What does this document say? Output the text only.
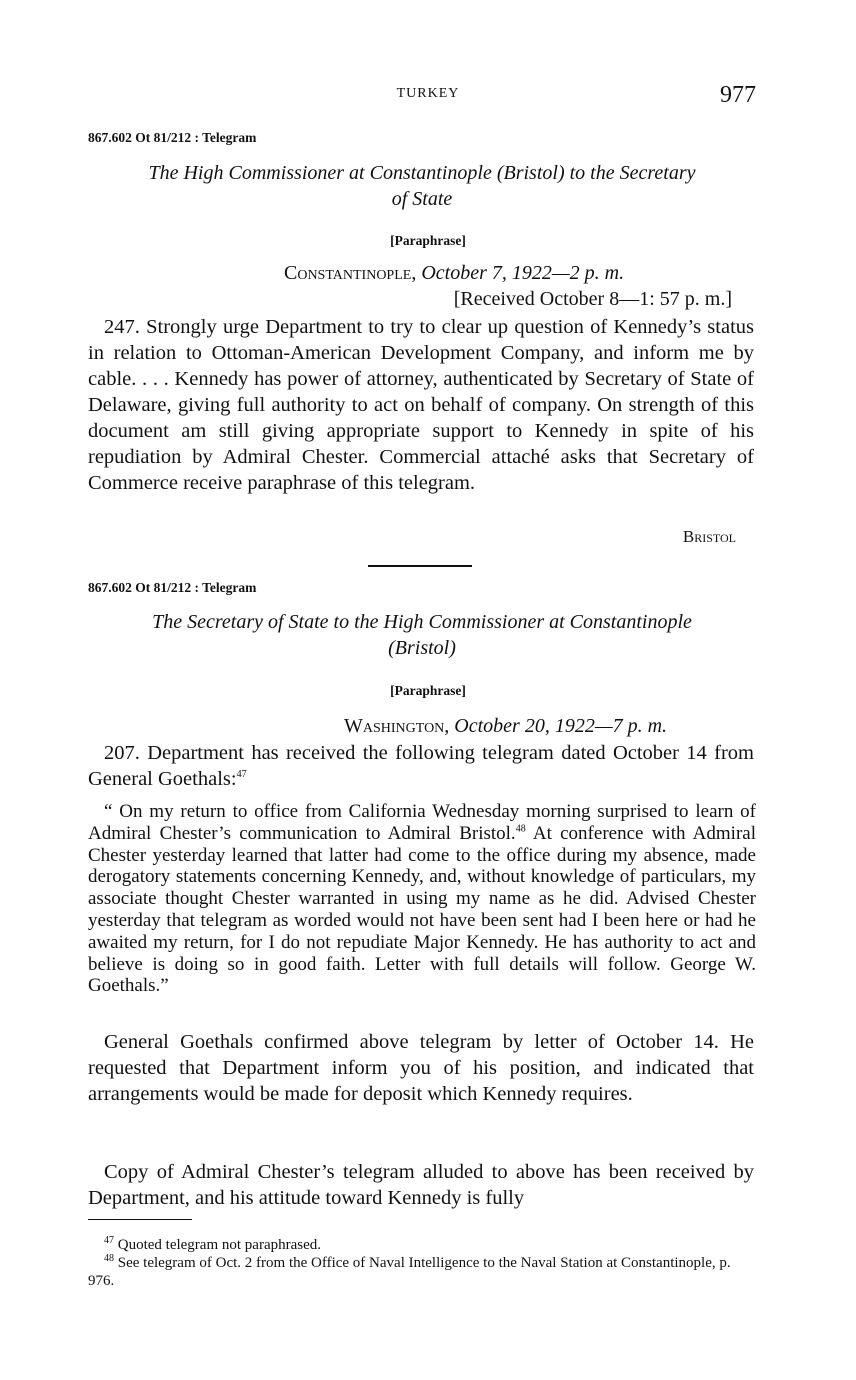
TURKEY	977
867.602 Ot 81/212 : Telegram
The High Commissioner at Constantinople (Bristol) to the Secretary
of State
[Paraphrase]
Constantinople, October 7, 1922—2 p. m.
[Received October 8—1: 57 p. m.]
247. Strongly urge Department to try to clear up question of Kennedy’s status in relation to Ottoman-American Development Company, and inform me by cable. . . . Kennedy has power of attorney, authenticated by Secretary of State of Delaware, giving full authority to act on behalf of company. On strength of this document am still giving appropriate support to Kennedy in spite of his repudiation by Admiral Chester. Commercial attaché asks that Secretary of Commerce receive paraphrase of this telegram.
Bristol
867.602 Ot 81/212 : Telegram
The Secretary of State to the High Commissioner at Constantinople
(Bristol)
[Paraphrase]
Washington, October 20, 1922—7 p. m.
207. Department has received the following telegram dated October 14 from General Goethals:$^{47}$
“ On my return to office from California Wednesday morning surprised to learn of Admiral Chester’s communication to Admiral Bristol.$^{48}$ At conference with Admiral Chester yesterday learned that latter had come to the office during my absence, made derogatory statements concerning Kennedy, and, without knowledge of particulars, my associate thought Chester warranted in using my name as he did. Advised Chester yesterday that telegram as worded would not have been sent had I been here or had he awaited my return, for I do not repudiate Major Kennedy. He has authority to act and believe is doing so in good faith. Letter with full details will follow. George W. Goethals.”
General Goethals confirmed above telegram by letter of October 14. He requested that Department inform you of his position, and indicated that arrangements would be made for deposit which Kennedy requires.
Copy of Admiral Chester’s telegram alluded to above has been received by Department, and his attitude toward Kennedy is fully
$^{47}$ Quoted telegram not paraphrased.
$^{48}$ See telegram of Oct. 2 from the Office of Naval Intelligence to the Naval Station at Constantinople, p. 976.
